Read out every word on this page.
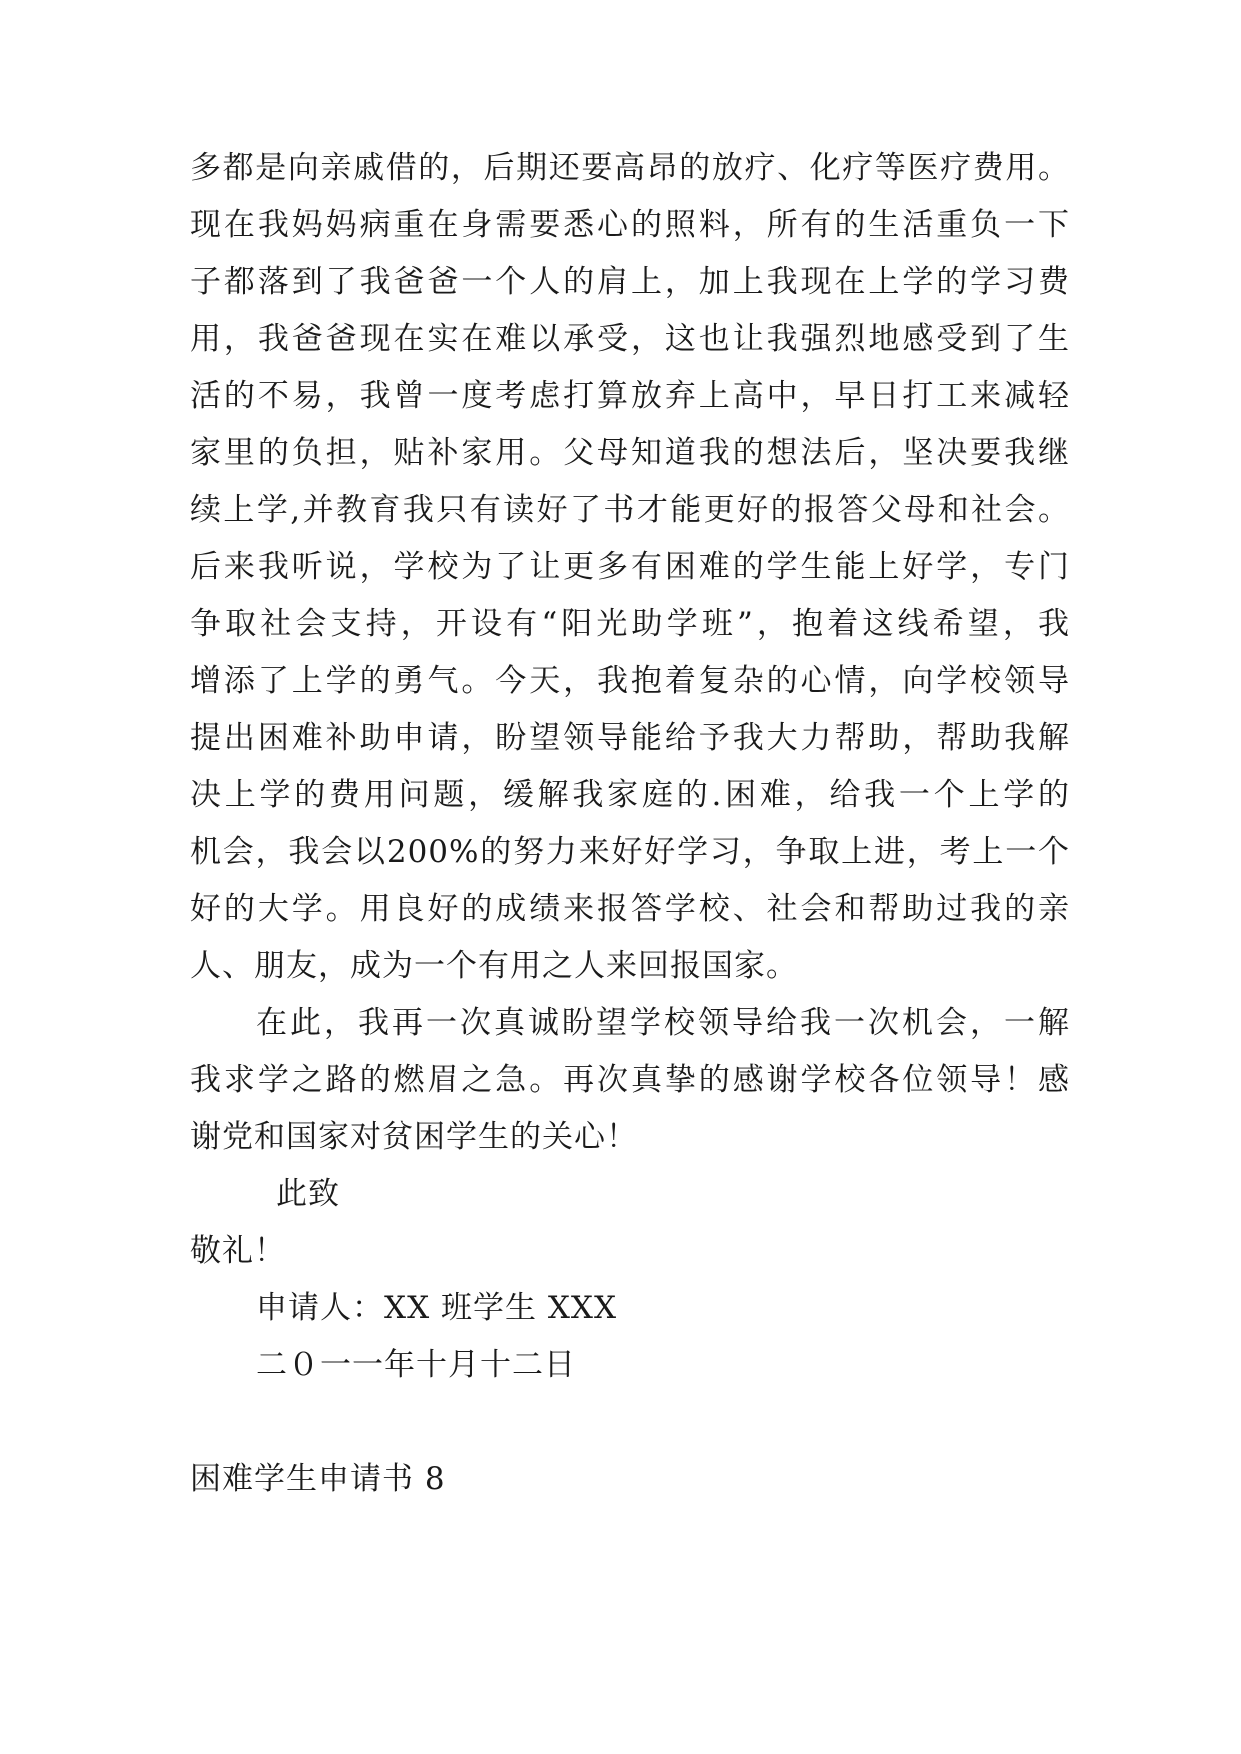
多都是向亲戚借的，后期还要高昂的放疗、化疗等医疗费用。
现在我妈妈病重在身需要悉心的照料，所有的生活重负一下
子都落到了我爸爸一个人的肩上，加上我现在上学的学习费
用，我爸爸现在实在难以承受，这也让我强烈地感受到了生
活的不易，我曾一度考虑打算放弃上高中，早日打工来减轻
家里的负担，贴补家用。父母知道我的想法后，坚决要我继
续上学,并教育我只有读好了书才能更好的报答父母和社会。
后来我听说，学校为了让更多有困难的学生能上好学，专门
争取社会支持，开设有“阳光助学班”，抱着这线希望，我
增添了上学的勇气。今天，我抱着复杂的心情，向学校领导
提出困难补助申请，盼望领导能给予我大力帮助，帮助我解
决上学的费用问题，缓解我家庭的.困难，给我一个上学的
机会，我会以200%的努力来好好学习，争取上进，考上一个
好的大学。用良好的成绩来报答学校、社会和帮助过我的亲
人、朋友，成为一个有用之人来回报国家。
在此，我再一次真诚盼望学校领导给我一次机会，一解
我求学之路的燃眉之急。再次真挚的感谢学校各位领导！感
谢党和国家对贫困学生的关心！
此致
敬礼！
申请人：XX 班学生 XXX
二０一一年十月十二日
困难学生申请书 8
